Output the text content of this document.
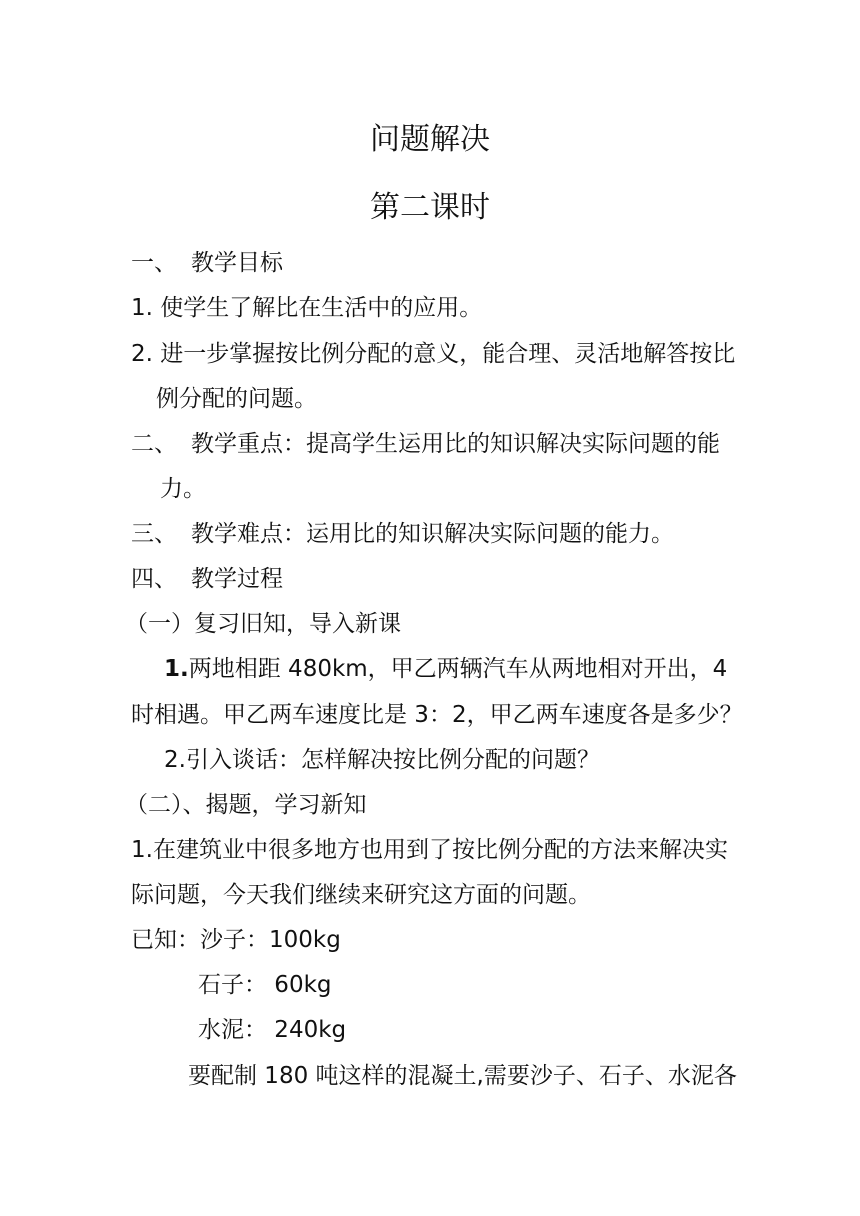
问题解决
第二课时
一、 教学目标
1. 使学生了解比在生活中的应用。
2. 进一步掌握按比例分配的意义，能合理、灵活地解答按比
例分配的问题。
二、 教学重点：提高学生运用比的知识解决实际问题的能
力。
三、 教学难点：运用比的知识解决实际问题的能力。
四、 教学过程
（一）复习旧知，导入新课
1.两地相距 480km，甲乙两辆汽车从两地相对开出，4
时相遇。甲乙两车速度比是 3：2，甲乙两车速度各是多少？
2.引入谈话：怎样解决按比例分配的问题？
（二）、揭题，学习新知
1.在建筑业中很多地方也用到了按比例分配的方法来解决实
际问题，今天我们继续来研究这方面的问题。
已知：沙子：100kg
石子： 60kg
水泥： 240kg
要配制 180 吨这样的混凝土,需要沙子、石子、水泥各
